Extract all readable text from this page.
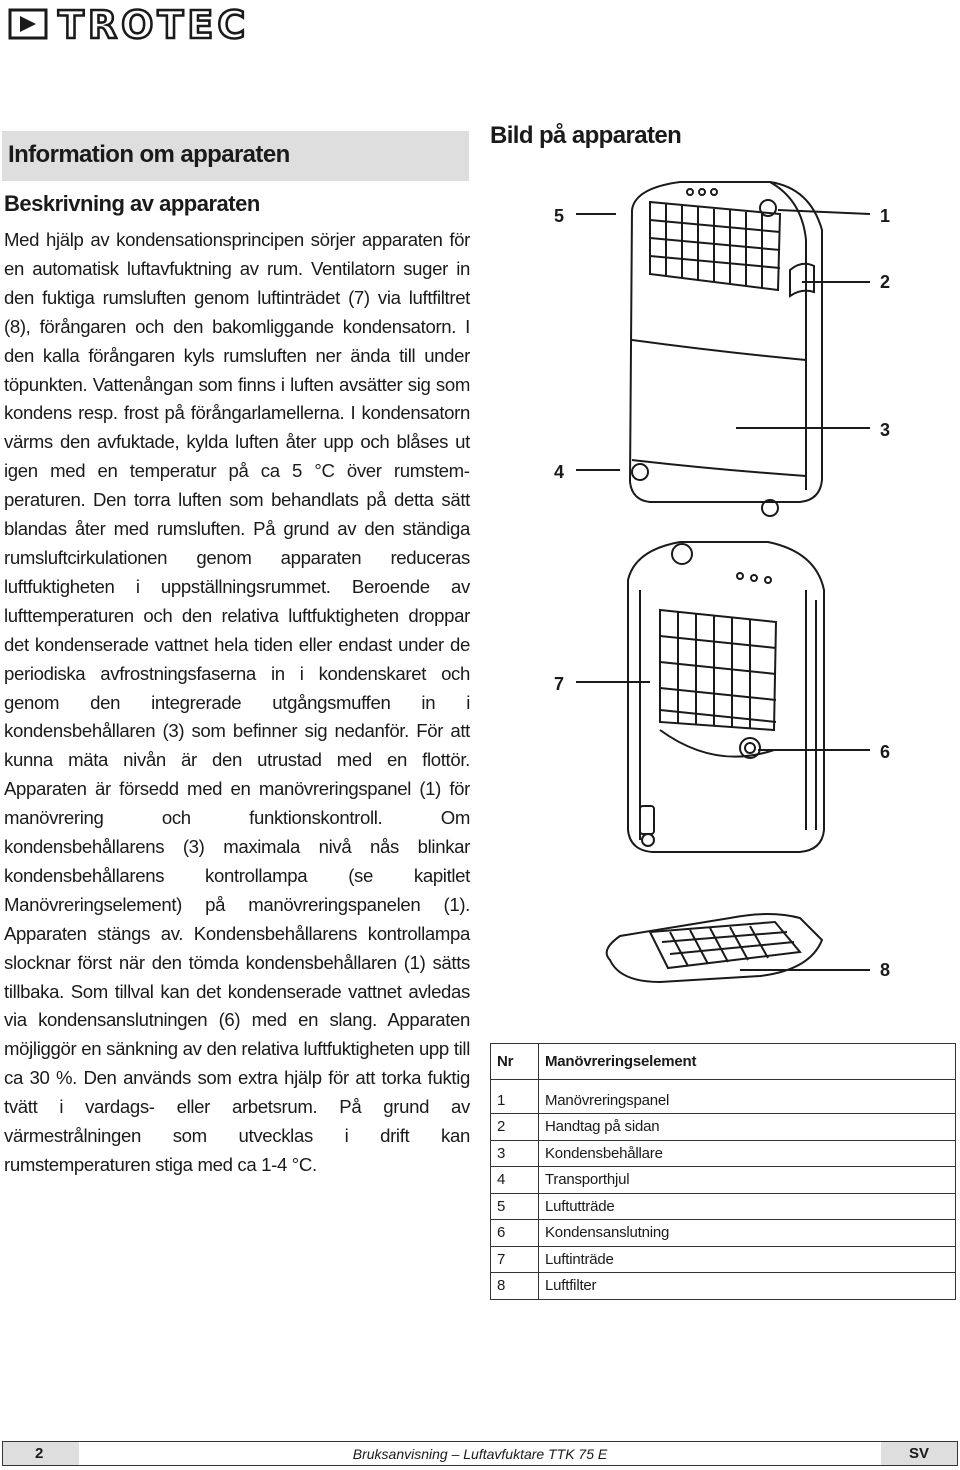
TROTEC
Information om apparaten
Beskrivning av apparaten
Med hjälp av kondensationsprincipen sörjer apparaten för en automatisk luftavfuktning av rum. Ventilatorn suger in den fuktiga rumsluften genom luftinträdet (7) via luftfiltret (8), förångaren och den bakomliggande kondensatorn. I den kalla förångaren kyls rumsluften ner ända till under töpunkten. Vattenångan som finns i luften avsätter sig som kondens resp. frost på förångarlamellerna. I kondensatorn värms den avfuktade, kylda luften åter upp och blåses ut igen med en temperatur på ca 5 °C över rumstemperaturen. Den torra luften som behandlats på detta sätt blandas åter med rumsluften. På grund av den ständiga rumsluftcirkulationen genom apparaten reduceras luftfuktigheten i uppställningsrummet. Beroende av lufttemperaturen och den relativa luftfuktigheten droppar det kondenserade vattnet hela tiden eller endast under de periodiska avfrostningsfaserna in i kondenskaret och genom den integrerade utgångsmuffen in i kondensbehållaren (3) som befinner sig nedanför. För att kunna mäta nivån är den utrustad med en flottör. Apparaten är försedd med en manövreringspanel (1) för manövrering och funktionskontroll. Om kondensbehållarens (3) maximala nivå nås blinkar kondensbehållarens kontrollampa (se kapitlet Manövreringselement) på manövreringspanelen (1). Apparaten stängs av. Kondensbehållarens kontrollampa slocknar först när den tömda kondensbehållaren (1) sätts tillbaka. Som tillval kan det kondenserade vattnet avledas via kondensanslutningen (6) med en slang. Apparaten möjliggör en sänkning av den relativa luftfuktigheten upp till ca 30 %. Den används som extra hjälp för att torka fuktig tvätt i vardags- eller arbetsrum. På grund av värmestrålningen som utvecklas i drift kan rumstemperaturen stiga med ca 1-4 °C.
Bild på apparaten
5	1
2
3
4
7
6
8
Nr	Manövreringselement
1	Manövreringspanel
2	Handtag på sidan
3	Kondensbehållare
4	Transporthjul
5	Luftutträde
6	Kondensanslutning
7	Luftinträde
8	Luftfilter
2	Bruksanvisning – Luftavfuktare TTK 75 E	SV
